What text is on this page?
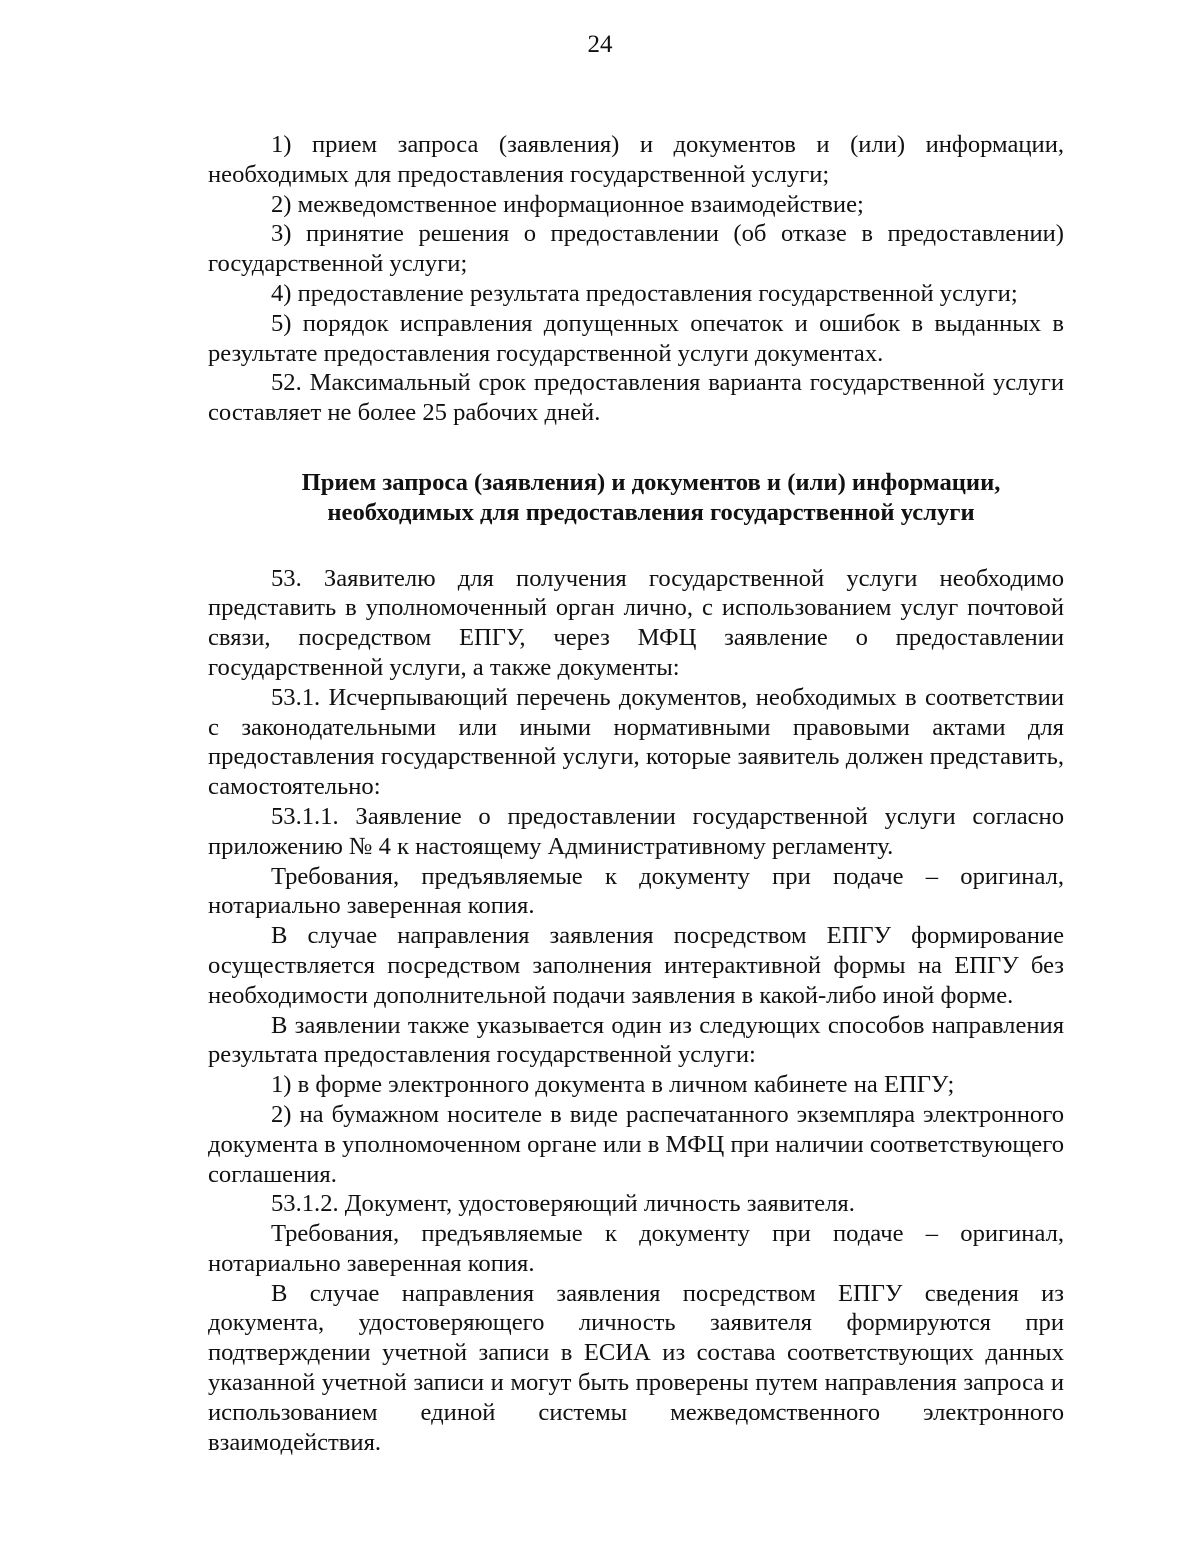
24

1) прием запроса (заявления) и документов и (или) информации, необходимых для предоставления государственной услуги;

2) межведомственное информационное взаимодействие;

3) принятие решения о предоставлении (об отказе в предоставлении) государственной услуги;

4) предоставление результата предоставления государственной услуги;

5) порядок исправления допущенных опечаток и ошибок в выданных в результате предоставления государственной услуги документах.

52. Максимальный срок предоставления варианта государственной услуги составляет не более 25 рабочих дней.

Прием запроса (заявления) и документов и (или) информации,
необходимых для предоставления государственной услуги

53. Заявителю для получения государственной услуги необходимо представить в уполномоченный орган лично, с использованием услуг почтовой связи, посредством ЕПГУ, через МФЦ заявление о предоставлении государственной услуги, а также документы:

53.1. Исчерпывающий перечень документов, необходимых в соответствии с законодательными или иными нормативными правовыми актами для предоставления государственной услуги, которые заявитель должен представить, самостоятельно:

53.1.1. Заявление о предоставлении государственной услуги согласно приложению № 4 к настоящему Административному регламенту.

Требования, предъявляемые к документу при подаче – оригинал, нотариально заверенная копия.

В случае направления заявления посредством ЕПГУ формирование осуществляется посредством заполнения интерактивной формы на ЕПГУ без необходимости дополнительной подачи заявления в какой-либо иной форме.

В заявлении также указывается один из следующих способов направления результата предоставления государственной услуги:

1) в форме электронного документа в личном кабинете на ЕПГУ;

2) на бумажном носителе в виде распечатанного экземпляра электронного документа в уполномоченном органе или в МФЦ при наличии соответствующего соглашения.

53.1.2. Документ, удостоверяющий личность заявителя.

Требования, предъявляемые к документу при подаче – оригинал, нотариально заверенная копия.

В случае направления заявления посредством ЕПГУ сведения из документа, удостоверяющего личность заявителя формируются при подтверждении учетной записи в ЕСИА из состава соответствующих данных указанной учетной записи и могут быть проверены путем направления запроса и использованием единой системы межведомственного электронного взаимодействия.
